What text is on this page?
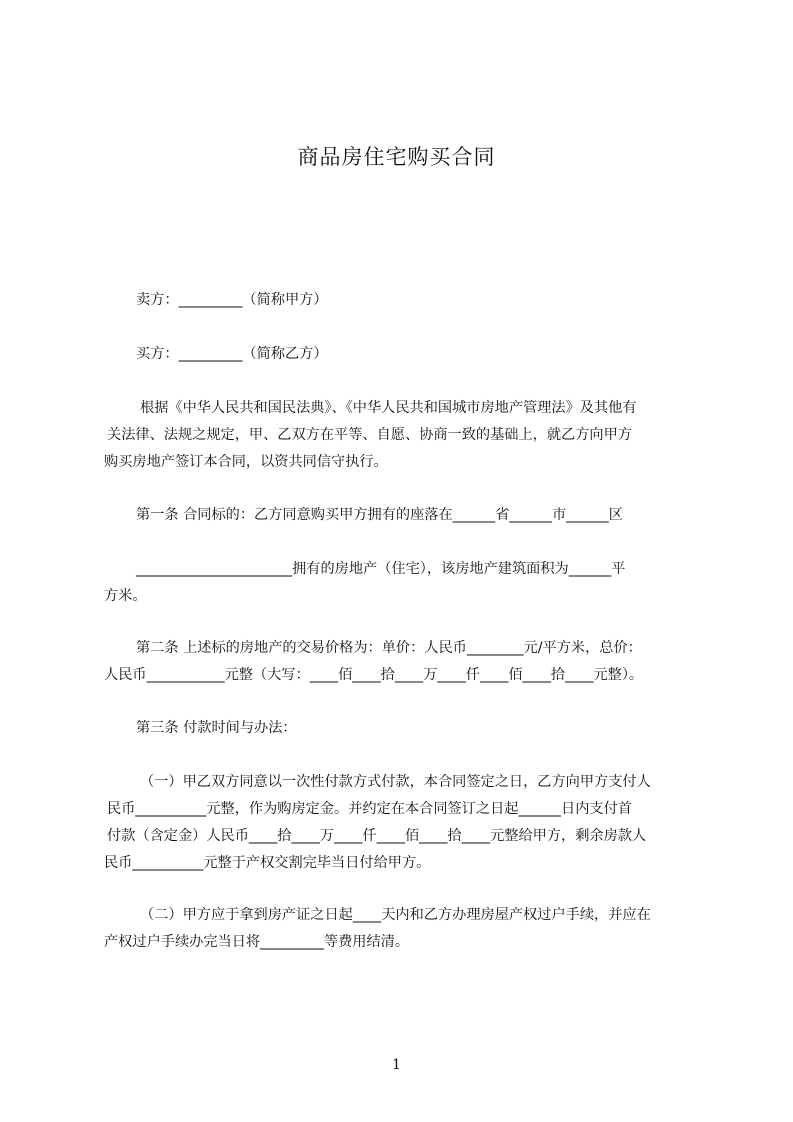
商品房住宅购买合同
卖方：_________（简称甲方）
买方：_________（简称乙方）
根据《中华人民共和国民法典》、《中华人民共和国城市房地产管理法》及其他有
关法律、法规之规定，甲、乙双方在平等、自愿、协商一致的基础上，就乙方向甲方
购买房地产签订本合同，以资共同信守执行。
第一条 合同标的：乙方同意购买甲方拥有的座落在______省______市______区
______________________拥有的房地产（住宅），该房地产建筑面积为______平
方米。
第二条 上述标的房地产的交易价格为：单价：人民币________元/平方米，总价：
人民币___________元整（大写：____佰____拾____万____仟____佰____拾____元整）。
第三条 付款时间与办法：
（一）甲乙双方同意以一次性付款方式付款，本合同签定之日，乙方向甲方支付人
民币__________元整，作为购房定金。并约定在本合同签订之日起______日内支付首
付款（含定金）人民币____拾____万____仟____佰____拾____元整给甲方，剩余房款人
民币__________元整于产权交割完毕当日付给甲方。
（二）甲方应于拿到房产证之日起____天内和乙方办理房屋产权过户手续，并应在
产权过户手续办完当日将_________等费用结清。
1
